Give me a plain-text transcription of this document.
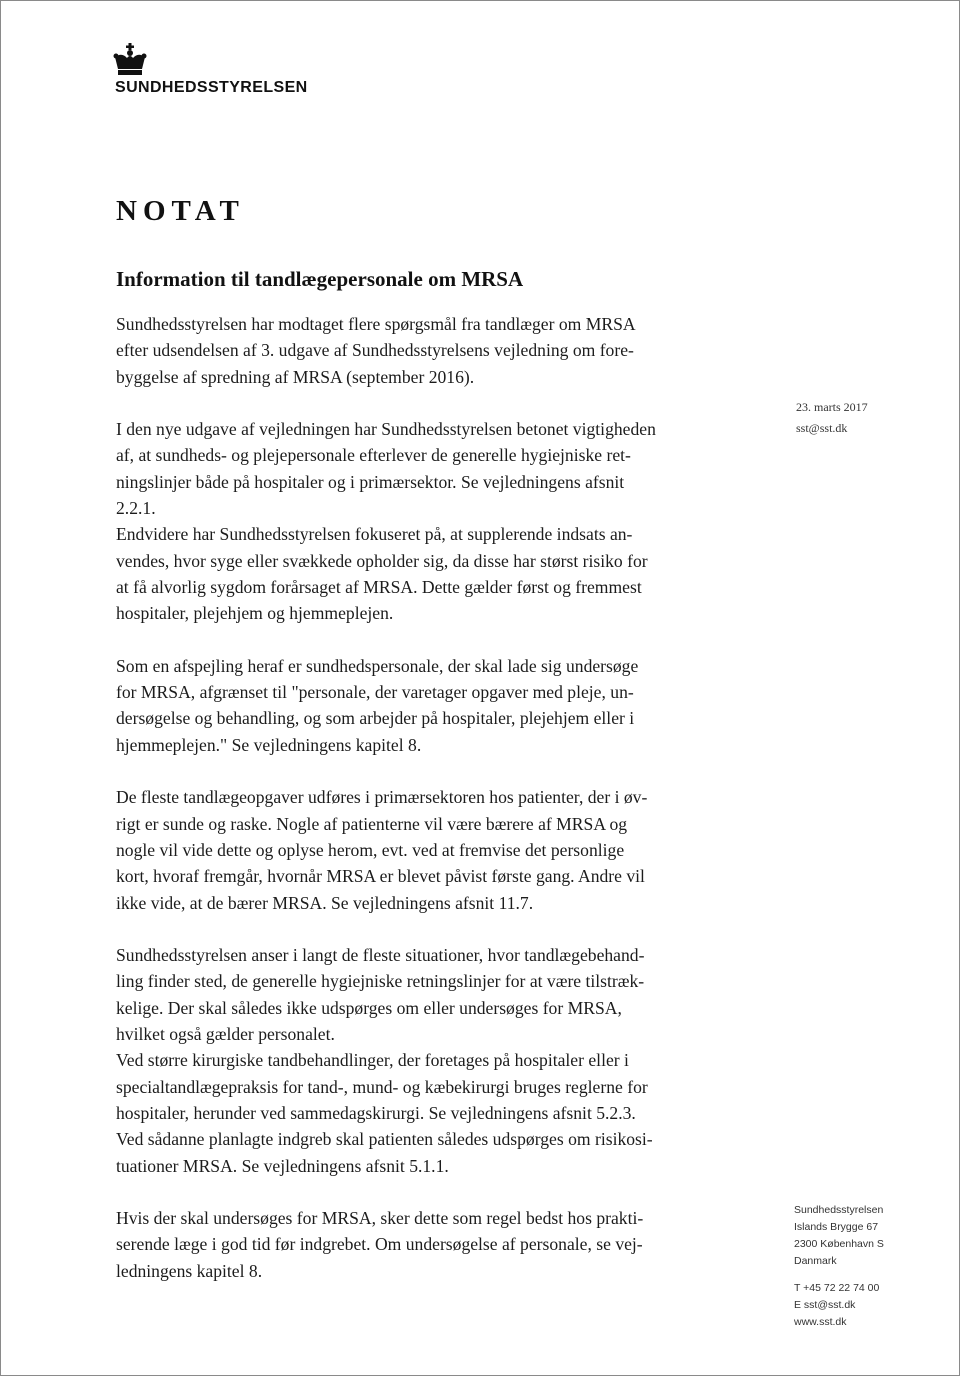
SUNDHEDSSTYRELSEN
NOTAT
Information til tandlægepersonale om MRSA

Sundhedsstyrelsen har modtaget flere spørgsmål fra tandlæger om MRSA
efter udsendelsen af 3. udgave af Sundhedsstyrelsens vejledning om fore-
byggelse af spredning af MRSA (september 2016).

I den nye udgave af vejledningen har Sundhedsstyrelsen betonet vigtigheden
af, at sundheds- og plejepersonale efterlever de generelle hygiejniske ret-
ningslinjer både på hospitaler og i primærsektor. Se vejledningens afsnit
2.2.1.
Endvidere har Sundhedsstyrelsen fokuseret på, at supplerende indsats an-
vendes, hvor syge eller svækkede opholder sig, da disse har størst risiko for
at få alvorlig sygdom forårsaget af MRSA. Dette gælder først og fremmest
hospitaler, plejehjem og hjemmeplejen.

Som en afspejling heraf er sundhedspersonale, der skal lade sig undersøge
for MRSA, afgrænset til "personale, der varetager opgaver med pleje, un-
dersøgelse og behandling, og som arbejder på hospitaler, plejehjem eller i
hjemmeplejen." Se vejledningens kapitel 8.

De fleste tandlægeopgaver udføres i primærsektoren hos patienter, der i øv-
rigt er sunde og raske. Nogle af patienterne vil være bærere af MRSA og
nogle vil vide dette og oplyse herom, evt. ved at fremvise det personlige
kort, hvoraf fremgår, hvornår MRSA er blevet påvist første gang. Andre vil
ikke vide, at de bærer MRSA. Se vejledningens afsnit 11.7.

Sundhedsstyrelsen anser i langt de fleste situationer, hvor tandlægebehand-
ling finder sted, de generelle hygiejniske retningslinjer for at være tilstræk-
kelige. Der skal således ikke udspørges om eller undersøges for MRSA,
hvilket også gælder personalet.
Ved større kirurgiske tandbehandlinger, der foretages på hospitaler eller i
specialtandlægepraksis for tand-, mund- og kæbekirurgi bruges reglerne for
hospitaler, herunder ved sammedagskirurgi. Se vejledningens afsnit 5.2.3.
Ved sådanne planlagte indgreb skal patienten således udspørges om risikosi-
tuationer MRSA. Se vejledningens afsnit 5.1.1.

Hvis der skal undersøges for MRSA, sker dette som regel bedst hos prakti-
serende læge i god tid før indgrebet. Om undersøgelse af personale, se vej-
ledningens kapitel 8.

23. marts 2017
sst@sst.dk
Sundhedsstyrelsen
Islands Brygge 67
2300 København S
Danmark
T +45 72 22 74 00
E sst@sst.dk
www.sst.dk
